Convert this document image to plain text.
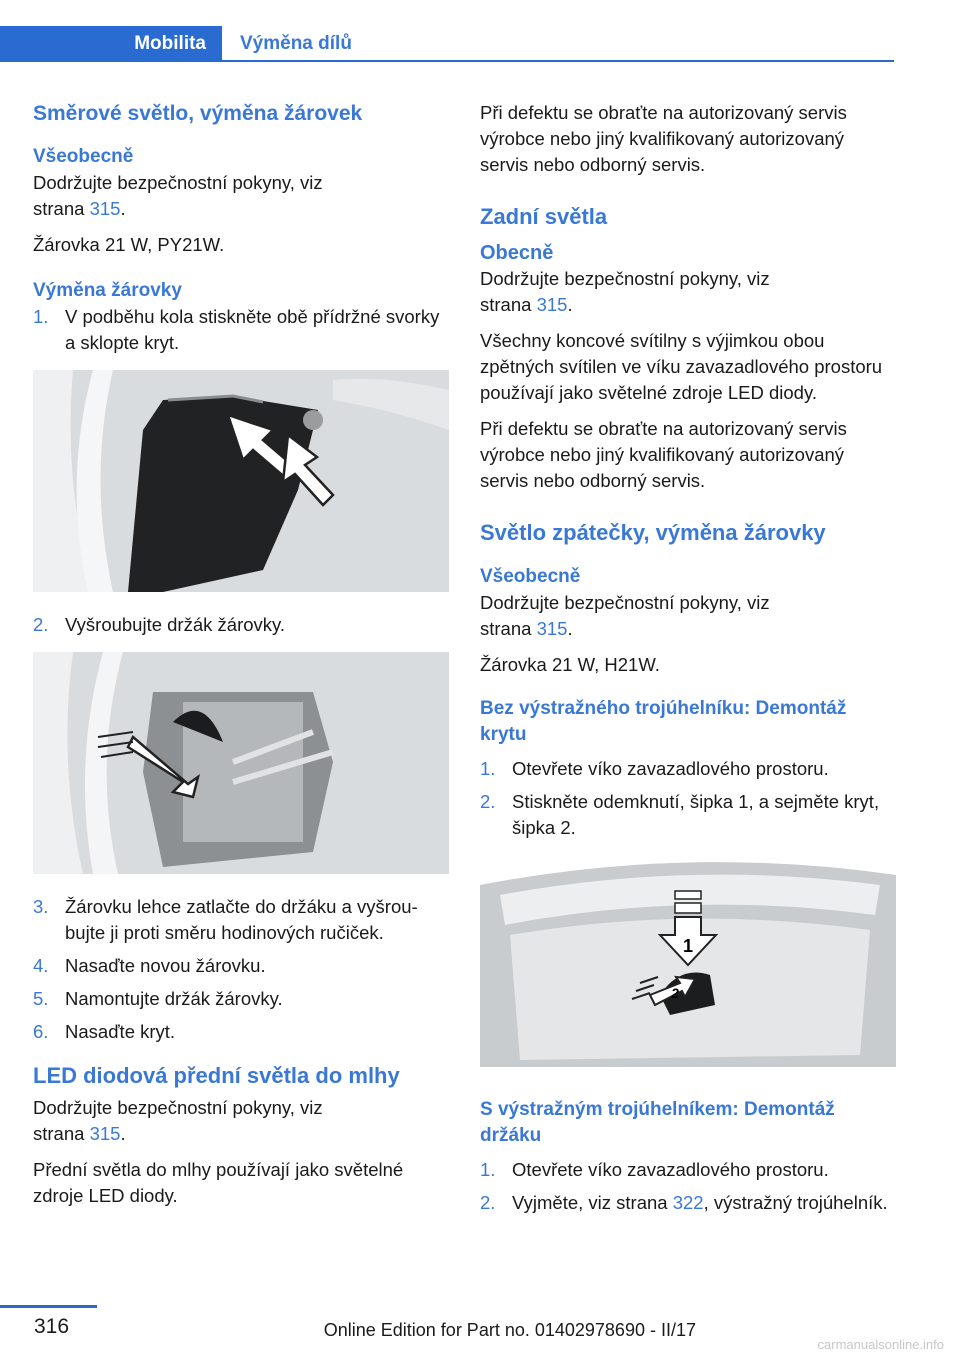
Mobilita	Výměna dílů
Směrové světlo, výměna žárovek
Všeobecně

Dodržujte bezpečnostní pokyny, viz
strana 315.

Žárovka 21 W, PY21W.

Výměna žárovky
1. V podběhu kola stiskněte obě přídržné svorky a sklopte kryt.
2. Vyšroubujte držák žárovky.
3. Žárovku lehce zatlačte do držáku a vyšroubujte ji proti směru hodinových ručiček.
4. Nasaďte novou žárovku.
5. Namontujte držák žárovky.
6. Nasaďte kryt.
LED diodová přední světla do mlhy

Dodržujte bezpečnostní pokyny, viz
strana 315.

Přední světla do mlhy používají jako světelné zdroje LED diody.

Při defektu se obraťte na autorizovaný servis výrobce nebo jiný kvalifikovaný autorizovaný servis nebo odborný servis.

Zadní světla
Obecně

Dodržujte bezpečnostní pokyny, viz
strana 315.

Všechny koncové svítilny s výjimkou obou zpětných svítilen ve víku zavazadlového prostoru používají jako světelné zdroje LED diody.

Při defektu se obraťte na autorizovaný servis výrobce nebo jiný kvalifikovaný autorizovaný servis nebo odborný servis.

Světlo zpátečky, výměna žárovky
Všeobecně

Dodržujte bezpečnostní pokyny, viz
strana 315.

Žárovka 21 W, H21W.

Bez výstražného trojúhelníku: Demontáž krytu
1. Otevřete víko zavazadlového prostoru.
2. Stiskněte odemknutí, šipka 1, a sejměte kryt, šipka 2.
1
2
S výstražným trojúhelníkem: Demontáž držáku
1. Otevřete víko zavazadlového prostoru.
2. Vyjměte, viz strana 322, výstražný trojúhelník.
316	Online Edition for Part no. 01402978690 - II/17
carmanualsonline.info
